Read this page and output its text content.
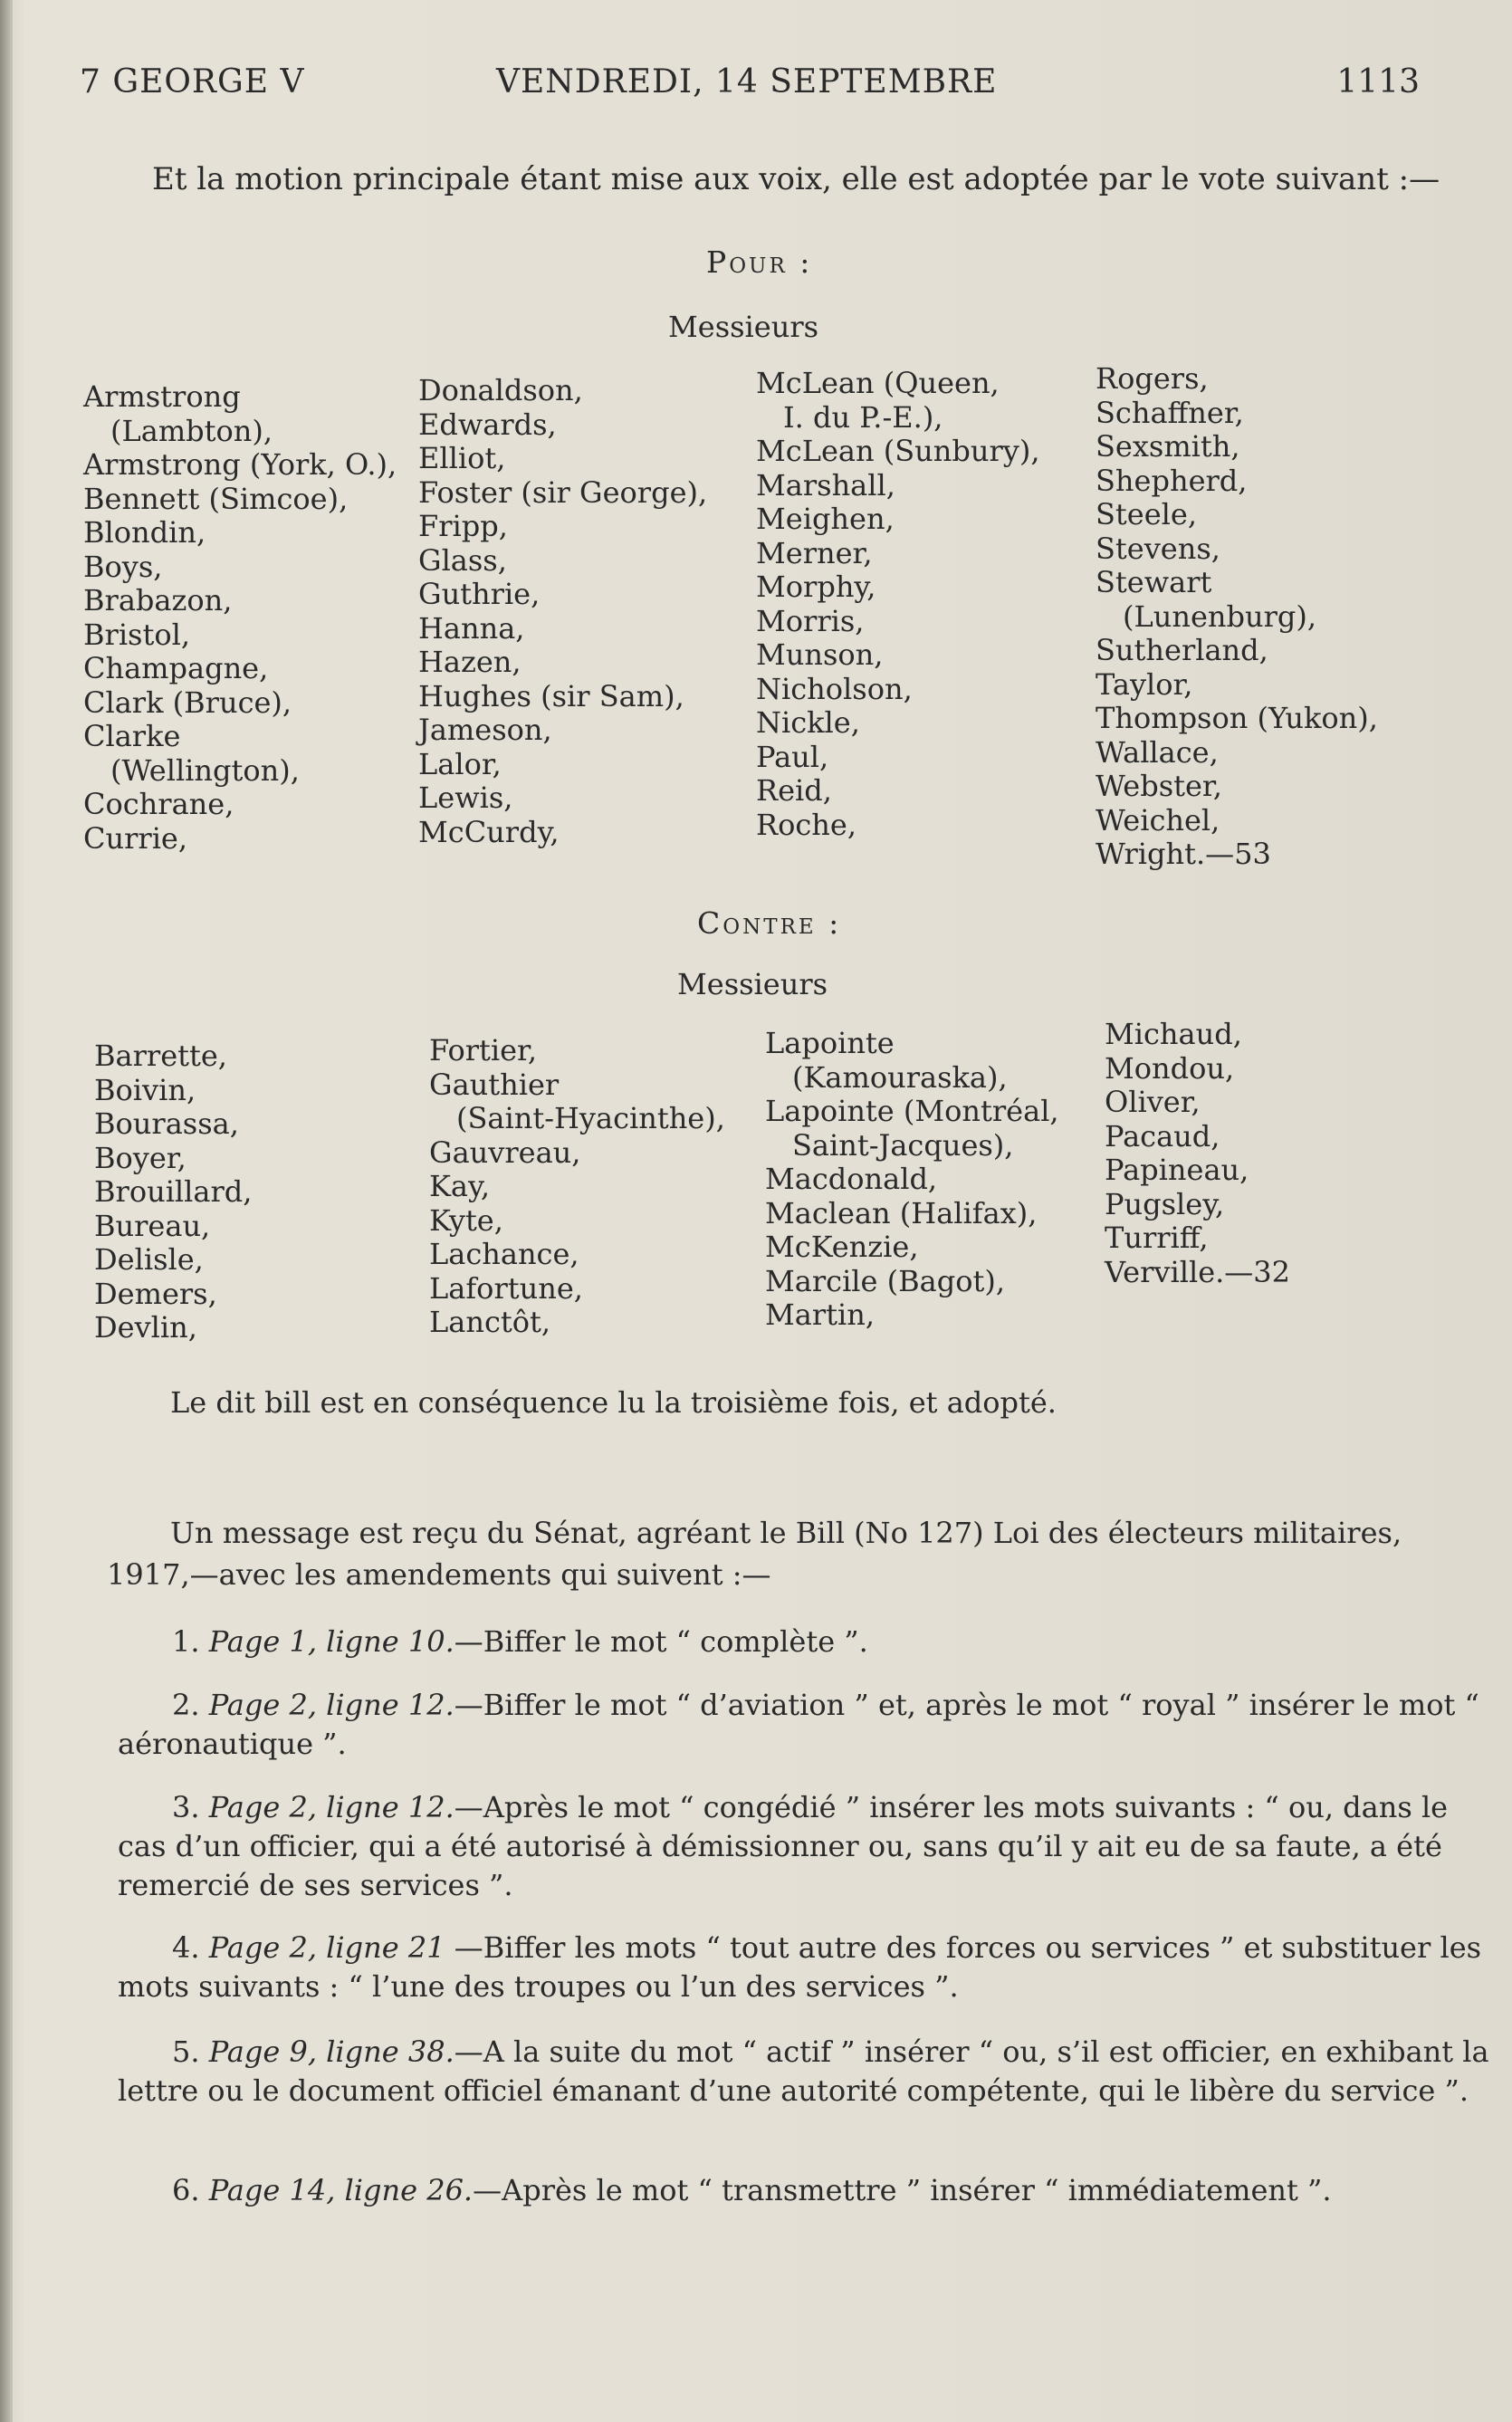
7 GEORGE V	VENDREDI, 14 SEPTEMBRE	1113
Et la motion principale étant mise aux voix, elle est adoptée par le vote suivant :—
Pour :
Messieurs
Armstrong
(Lambton),
Armstrong (York, O.),
Bennett (Simcoe),
Blondin,
Boys,
Brabazon,
Bristol,
Champagne,
Clark (Bruce),
Clarke
(Wellington),
Cochrane,
Currie,
Donaldson,
Edwards,
Elliot,
Foster (sir George),
Fripp,
Glass,
Guthrie,
Hanna,
Hazen,
Hughes (sir Sam),
Jameson,
Lalor,
Lewis,
McCurdy,
McLean (Queen,
I. du P.-E.),
McLean (Sunbury),
Marshall,
Meighen,
Merner,
Morphy,
Morris,
Munson,
Nicholson,
Nickle,
Paul,
Reid,
Roche,
Rogers,
Schaffner,
Sexsmith,
Shepherd,
Steele,
Stevens,
Stewart
(Lunenburg),
Sutherland,
Taylor,
Thompson (Yukon),
Wallace,
Webster,
Weichel,
Wright.—53
Contre :
Messieurs
Barrette,
Boivin,
Bourassa,
Boyer,
Brouillard,
Bureau,
Delisle,
Demers,
Devlin,
Fortier,
Gauthier
(Saint-Hyacinthe),
Gauvreau,
Kay,
Kyte,
Lachance,
Lafortune,
Lanctôt,
Lapointe
(Kamouraska),
Lapointe (Montréal,
Saint-Jacques),
Macdonald,
Maclean (Halifax),
McKenzie,
Marcile (Bagot),
Martin,
Michaud,
Mondou,
Oliver,
Pacaud,
Papineau,
Pugsley,
Turriff,
Verville.—32
Le dit bill est en conséquence lu la troisième fois, et adopté.
Un message est reçu du Sénat, agréant le Bill (No 127) Loi des électeurs militaires,
1917,—avec les amendements qui suivent :—
1. Page 1, ligne 10.—Biffer le mot “ complète ”.
2. Page 2, ligne 12.—Biffer le mot “ d’aviation ” et, après le mot “ royal ” insérer le mot “ aéronautique ”.
3. Page 2, ligne 12.—Après le mot “ congédié ” insérer les mots suivants : “ ou, dans le cas d’un officier, qui a été autorisé à démissionner ou, sans qu’il y ait eu de sa faute, a été remercié de ses services ”.
4. Page 2, ligne 21 —Biffer les mots “ tout autre des forces ou services ” et substituer les mots suivants : “ l’une des troupes ou l’un des services ”.
5. Page 9, ligne 38.—A la suite du mot “ actif ” insérer “ ou, s’il est officier, en exhibant la lettre ou le document officiel émanant d’une autorité compétente, qui le libère du service ”.
6. Page 14, ligne 26.—Après le mot “ transmettre ” insérer “ immédiatement ”.
